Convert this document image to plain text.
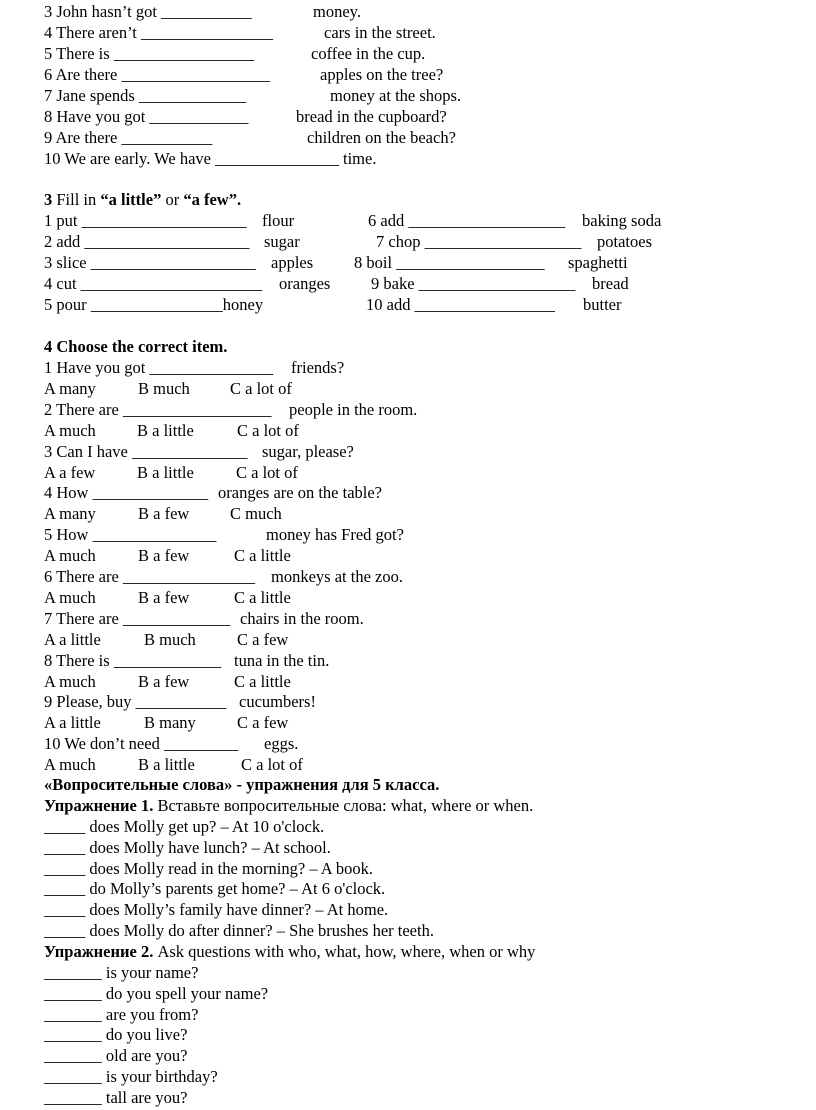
3 John hasn’t got ___________	money.
4 There aren’t ________________	cars in the street.
5 There is _________________	coffee in the cup.
6 Are there __________________	apples on the tree?
7 Jane spends _____________	money at the shops.
8 Have you got ____________	bread in the cupboard?
9 Are there ___________	children on the beach?
10 We are early. We have _______________ time.
3 Fill in “a little” or “a few”.
1 put ____________________ flour	6 add ___________________ baking soda
2 add ____________________ sugar	7 chop ___________________ potatoes
3 slice ____________________ apples 8 boil __________________ spaghetti
4 cut ______________________ oranges 9 bake ___________________ bread
5 pour ________________honey	10 add _________________ butter
4 Choose the correct item.
1 Have you got _______________ friends?
A many	B much C a lot of
2 There are __________________ people in the room.
A much B a little	C a lot of
3 Can I have ______________ sugar, please?
A a few	B a little	C a lot of
4 How ______________ oranges are on the table?
A many	B a few C much
5 How _______________	money has Fred got?
A much	B a few	C a little
6 There are ________________ monkeys at the zoo.
A much	B a few	C a little
7 There are _____________ chairs in the room.
A a little	B much C a few
8 There is _____________ tuna in the tin.
A much	B a few	C a little
9 Please, buy ___________ cucumbers!
A a little	B many C a few
10 We don’t need _________ eggs.
A much	B a little	C a lot of
«Вопросительные слова» - упражнения для 5 класса.
Упражнение 1. Вставьте вопросительные слова: what, where or when.
_____ does Molly get up? – At 10 o'clock.
_____ does Molly have lunch? – At school.
_____ does Molly read in the morning? – A book.
_____ do Molly’s parents get home? – At 6 o'clock.
_____ does Molly’s family have dinner? – At home.
_____ does Molly do after dinner? – She brushes her teeth.
Упражнение 2. Ask questions with who, what, how, where, when or why
_______ is your name?
_______ do you spell your name?
_______ are you from?
_______ do you live?
_______ old are you?
_______ is your birthday?
_______ tall are you?
